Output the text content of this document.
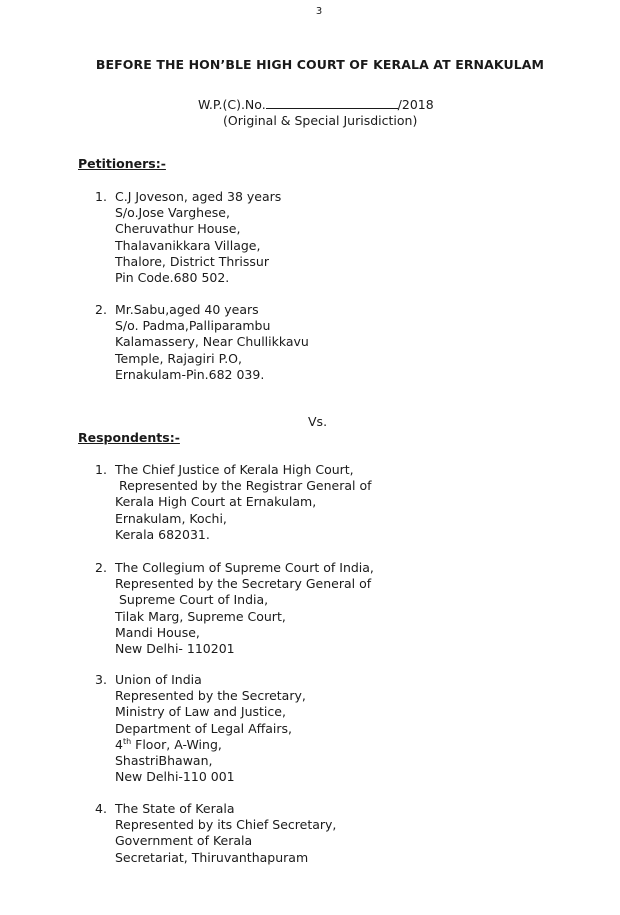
3
BEFORE THE HON’BLE HIGH COURT OF KERALA AT ERNAKULAM
W.P.(C).No.	/2018
(Original & Special Jurisdiction)
Petitioners:-
1. C.J Joveson, aged 38 years
S/o.Jose Varghese,
Cheruvathur House,
Thalavanikkara Village,
Thalore, District Thrissur
Pin Code.680 502.
2. Mr.Sabu,aged 40 years
S/o. Padma,Palliparambu
Kalamassery, Near Chullikkavu
Temple, Rajagiri P.O,
Ernakulam-Pin.682 039.
Vs.
Respondents:-
1. The Chief Justice of Kerala High Court,
Represented by the Registrar General of
Kerala High Court at Ernakulam,
Ernakulam, Kochi,
Kerala 682031.
2. The Collegium of Supreme Court of India,
Represented by the Secretary General of
Supreme Court of India,
Tilak Marg, Supreme Court,
Mandi House,
New Delhi- 110201
3. Union of India
Represented by the Secretary,
Ministry of Law and Justice,
Department of Legal Affairs,
4th Floor, A-Wing,
ShastriBhawan,
New Delhi-110 001
4. The State of Kerala
Represented by its Chief Secretary,
Government of Kerala
Secretariat, Thiruvanthapuram
